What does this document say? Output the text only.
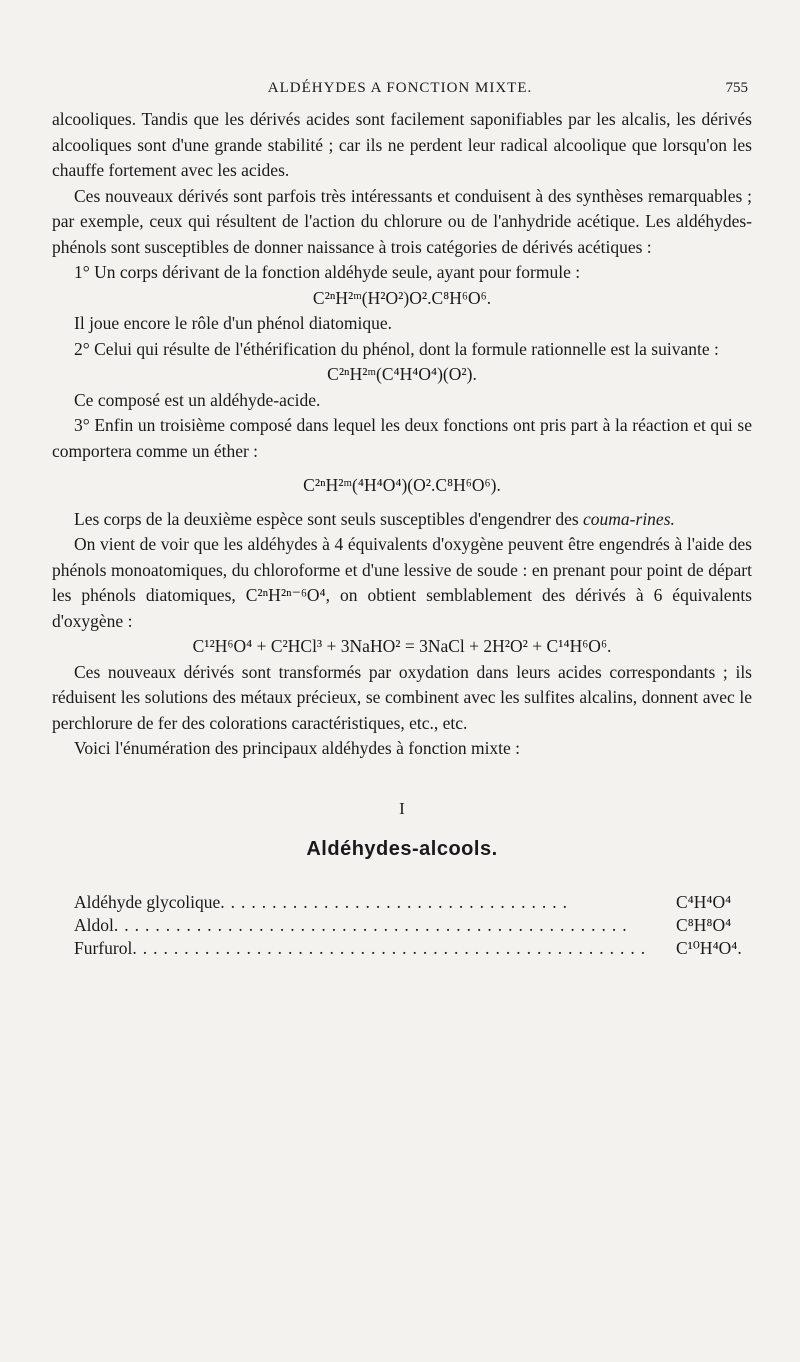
ALDÉHYDES A FONCTION MIXTE.	755

alcooliques. Tandis que les dérivés acides sont facilement saponifiables par les alcalis, les dérivés alcooliques sont d'une grande stabilité ; car ils ne perdent leur radical alcoolique que lorsqu'on les chauffe fortement avec les acides.

Ces nouveaux dérivés sont parfois très intéressants et conduisent à des synthèses remarquables ; par exemple, ceux qui résultent de l'action du chlorure ou de l'anhydride acétique. Les aldéhydes-phénols sont susceptibles de donner naissance à trois catégories de dérivés acétiques :

1° Un corps dérivant de la fonction aldéhyde seule, ayant pour formule :

C²ⁿH²ᵐ(H²O²)O².C⁸H⁶O⁶.

Il joue encore le rôle d'un phénol diatomique.

2° Celui qui résulte de l'éthérification du phénol, dont la formule rationnelle est la suivante :

C²ⁿH²ᵐ(C⁴H⁴O⁴)(O²).

Ce composé est un aldéhyde-acide.

3° Enfin un troisième composé dans lequel les deux fonctions ont pris part à la réaction et qui se comportera comme un éther :

C²ⁿH²ᵐ(⁴H⁴O⁴)(O².C⁸H⁶O⁶).

Les corps de la deuxième espèce sont seuls susceptibles d'engendrer des couma-rines.

On vient de voir que les aldéhydes à 4 équivalents d'oxygène peuvent être engendrés à l'aide des phénols monoatomiques, du chloroforme et d'une lessive de soude : en prenant pour point de départ les phénols diatomiques, C²ⁿH²ⁿ⁻⁶O⁴, on obtient semblablement des dérivés à 6 équivalents d'oxygène :

C¹²H⁶O⁴ + C²HCl³ + 3NaHO² = 3NaCl + 2H²O² + C¹⁴H⁶O⁶.

Ces nouveaux dérivés sont transformés par oxydation dans leurs acides correspondants ; ils réduisent les solutions des métaux précieux, se combinent avec les sulfites alcalins, donnent avec le perchlorure de fer des colorations caractéristiques, etc., etc.

Voici l'énumération des principaux aldéhydes à fonction mixte :

I
Aldéhydes-alcools.
Aldéhyde glycolique ..................................	C⁴H⁴O⁴
Aldol ..................................................	C⁸H⁸O⁴
Furfurol ..................................................	C¹⁰H⁴O⁴.
